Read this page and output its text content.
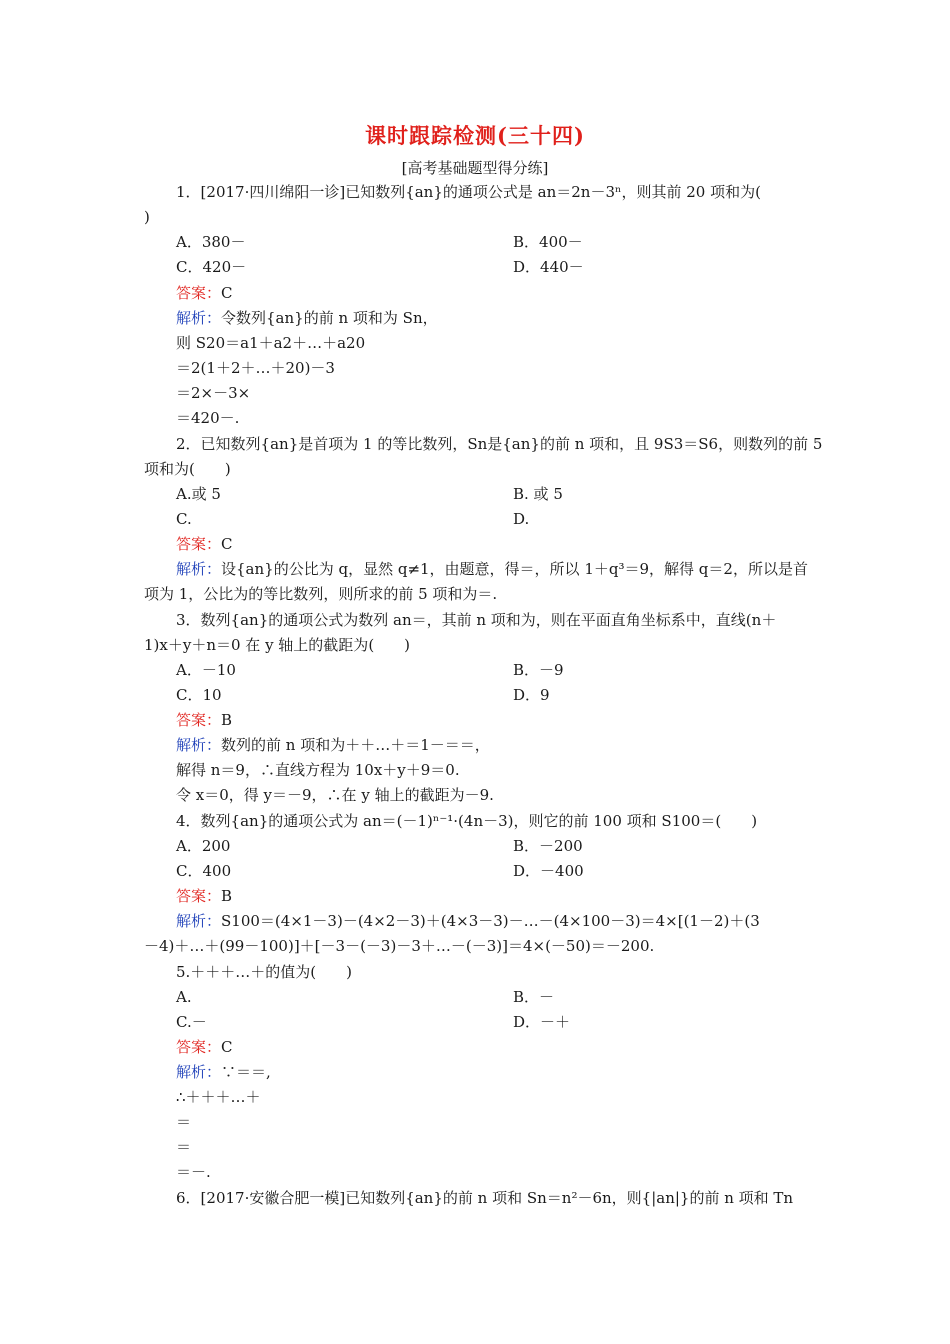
课时跟踪检测(三十四)
[高考基础题型得分练]
1．[2017·四川绵阳一诊]已知数列{an}的通项公式是 an＝2n－3ⁿ，则其前 20 项和为(
)
A．380－	B．400－
C．420－	D．440－
答案：C
解析：令数列{an}的前 n 项和为 Sn，
则 S20＝a1＋a2＋…＋a20
＝2(1＋2＋…＋20)－3
＝2×－3×
＝420－.
2．已知数列{an}是首项为 1 的等比数列，Sn是{an}的前 n 项和，且 9S3＝S6，则数列的前 5
项和为(　　)
A.或 5	B. 或 5
C.	D.
答案：C
解析：设{an}的公比为 q，显然 q≠1，由题意，得＝，所以 1＋q³＝9，解得 q＝2，所以是首
项为 1，公比为的等比数列，则所求的前 5 项和为＝.
3．数列{an}的通项公式为数列 an＝，其前 n 项和为，则在平面直角坐标系中，直线(n＋
1)x＋y＋n＝0 在 y 轴上的截距为(　　)
A．－10	B．－9
C．10	D．9
答案：B
解析：数列的前 n 项和为＋＋…＋＝1－＝＝，
解得 n＝9，∴直线方程为 10x＋y＋9＝0.
令 x＝0，得 y＝－9，∴在 y 轴上的截距为－9.
4．数列{an}的通项公式为 an＝(－1)ⁿ⁻¹·(4n－3)，则它的前 100 项和 S100＝(　　)
A．200	B．－200
C．400	D．－400
答案：B
解析：S100＝(4×1－3)－(4×2－3)＋(4×3－3)－…－(4×100－3)＝4×[(1－2)＋(3
－4)＋…＋(99－100)]＋[－3－(－3)－3＋…－(－3)]＝4×(－50)＝－200.
5.＋＋＋…＋的值为(　　)
A.	B．－
C.－	D．－＋
答案：C
解析：∵＝＝,
∴＋＋＋…＋
＝
＝
＝－.
6．[2017·安徽合肥一模]已知数列{an}的前 n 项和 Sn＝n²－6n，则{|an|}的前 n 项和 Tn
